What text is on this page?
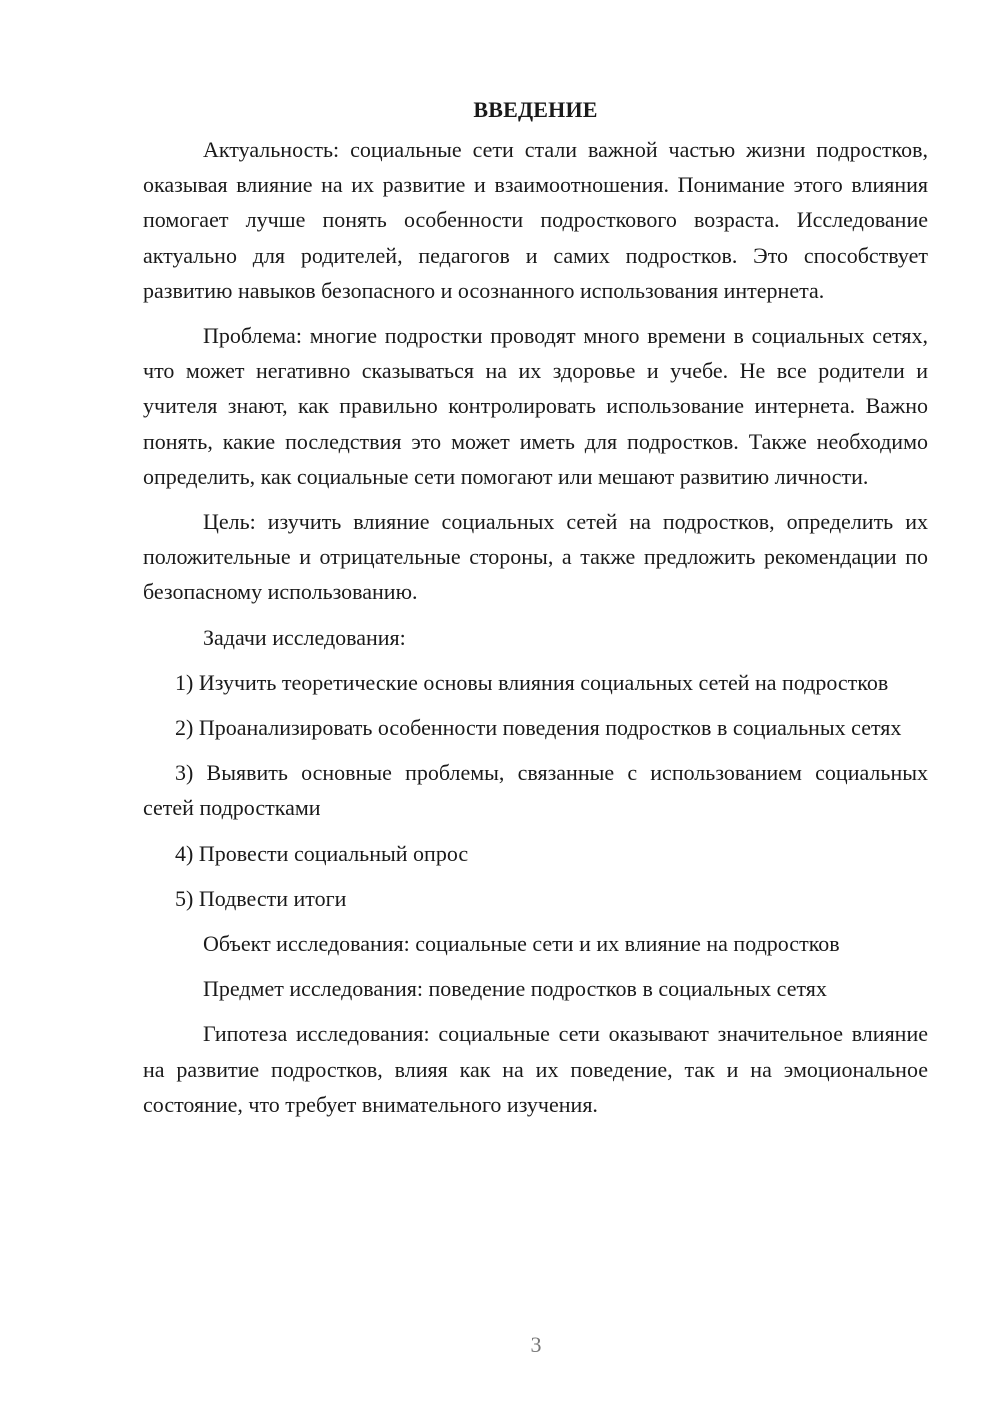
ВВЕДЕНИЕ

Актуальность: социальные сети стали важной частью жизни подростков, оказывая влияние на их развитие и взаимоотношения. Понимание этого влияния помогает лучше понять особенности подросткового возраста. Исследование актуально для родителей, педагогов и самих подростков. Это способствует развитию навыков безопасного и осознанного использования интернета.

Проблема: многие подростки проводят много времени в социальных сетях, что может негативно сказываться на их здоровье и учебе. Не все родители и учителя знают, как правильно контролировать использование интернета. Важно понять, какие последствия это может иметь для подростков. Также необходимо определить, как социальные сети помогают или мешают развитию личности.

Цель: изучить влияние социальных сетей на подростков, определить их положительные и отрицательные стороны, а также предложить рекомендации по безопасному использованию.

Задачи исследования:

1) Изучить теоретические основы влияния социальных сетей на подростков

2) Проанализировать особенности поведения подростков в социальных сетях

3) Выявить основные проблемы, связанные с использованием социальных сетей подростками

4) Провести социальный опрос

5) Подвести итоги

Объект исследования: социальные сети и их влияние на подростков

Предмет исследования: поведение подростков в социальных сетях

Гипотеза исследования: социальные сети оказывают значительное влияние на развитие подростков, влияя как на их поведение, так и на эмоциональное состояние, что требует внимательного изучения.

3
